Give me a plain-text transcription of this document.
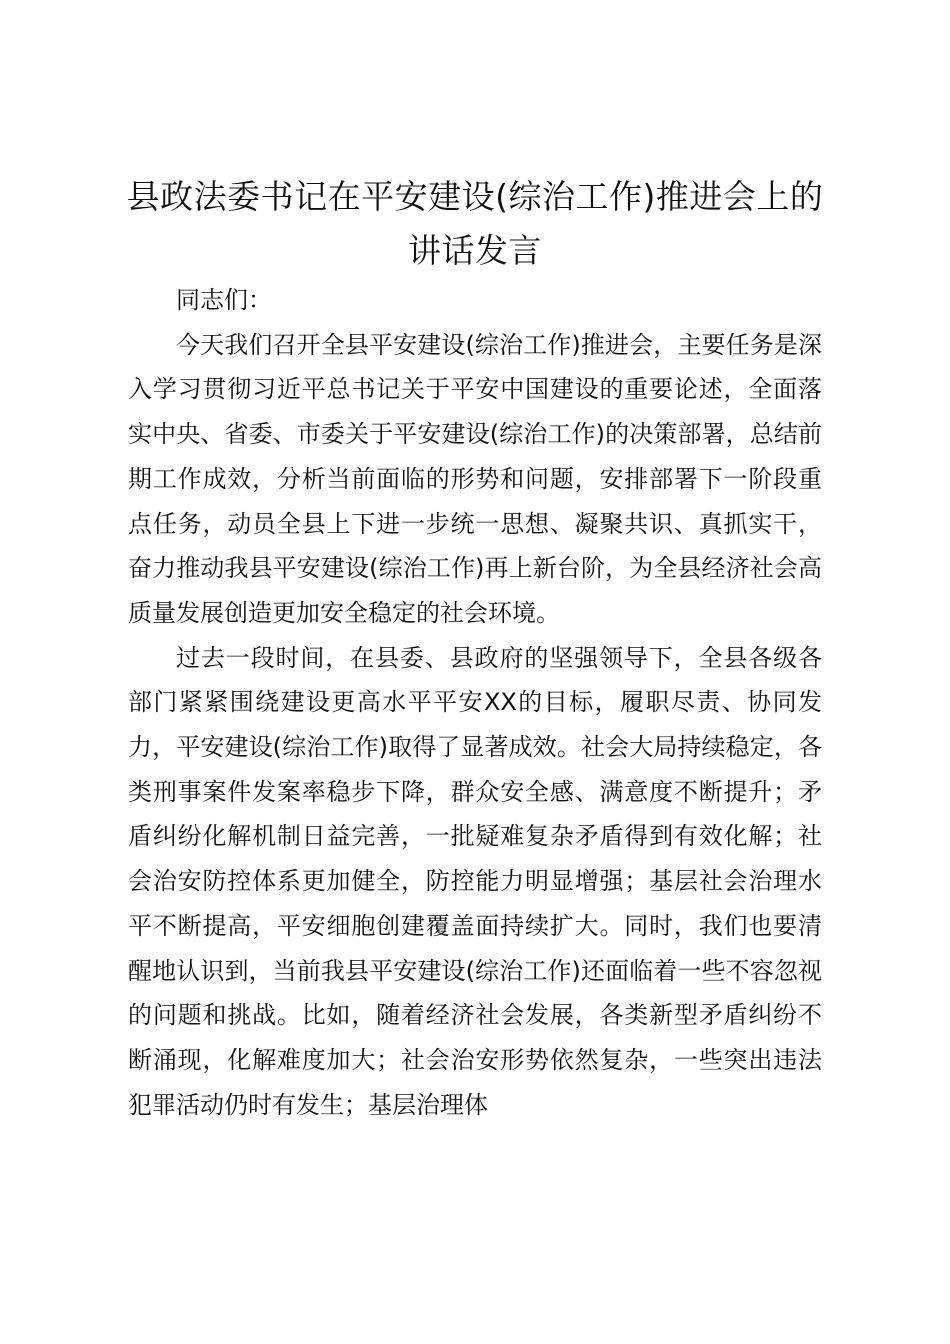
县政法委书记在平安建设(综治工作)推进会上的讲话发言

同志们：

今天我们召开全县平安建设(综治工作)推进会，主要任务是深入学习贯彻习近平总书记关于平安中国建设的重要论述，全面落实中央、省委、市委关于平安建设(综治工作)的决策部署，总结前期工作成效，分析当前面临的形势和问题，安排部署下一阶段重点任务，动员全县上下进一步统一思想、凝聚共识、真抓实干，奋力推动我县平安建设(综治工作)再上新台阶，为全县经济社会高质量发展创造更加安全稳定的社会环境。

过去一段时间，在县委、县政府的坚强领导下，全县各级各部门紧紧围绕建设更高水平平安XX的目标，履职尽责、协同发力，平安建设(综治工作)取得了显著成效。社会大局持续稳定，各类刑事案件发案率稳步下降，群众安全感、满意度不断提升；矛盾纠纷化解机制日益完善，一批疑难复杂矛盾得到有效化解；社会治安防控体系更加健全，防控能力明显增强；基层社会治理水平不断提高，平安细胞创建覆盖面持续扩大。同时，我们也要清醒地认识到，当前我县平安建设(综治工作)还面临着一些不容忽视的问题和挑战。比如，随着经济社会发展，各类新型矛盾纠纷不断涌现，化解难度加大；社会治安形势依然复杂，一些突出违法犯罪活动仍时有发生；基层治理体
